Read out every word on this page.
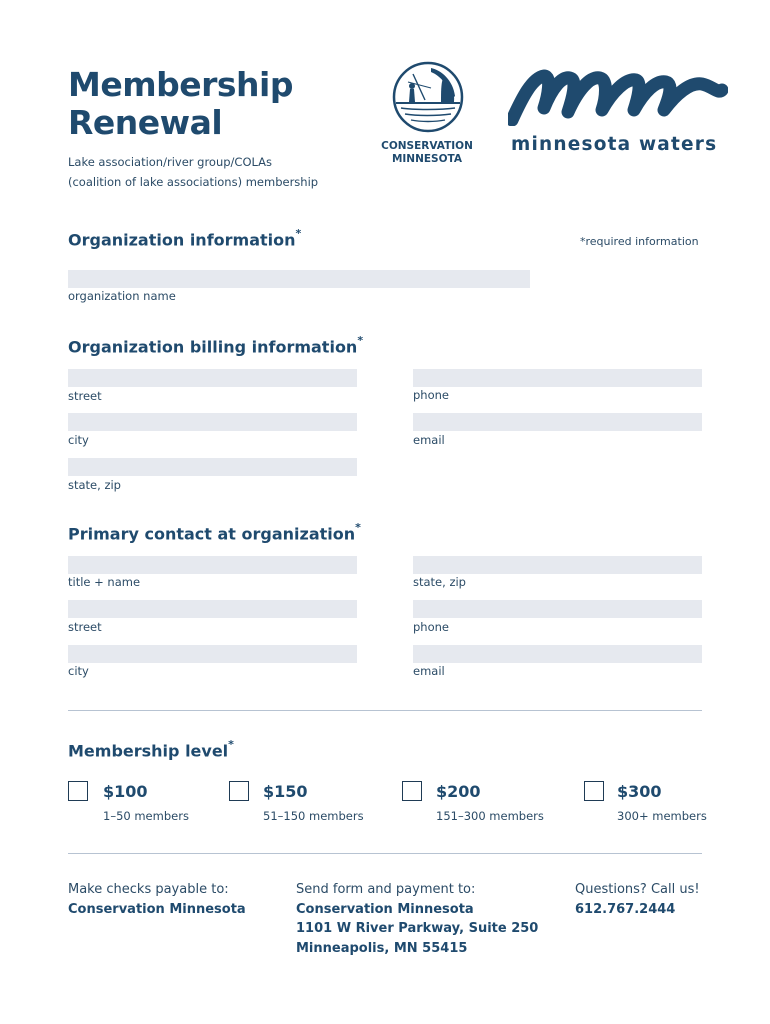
Membership
Renewal
Lake association/river group/COLAs
(coalition of lake associations) membership
CONSERVATION
MINNESOTA
minnesota waters
Organization information*
*required information
organization name
Organization billing information*
street
city
state, zip
phone
email
Primary contact at organization*
title + name
street
city
state, zip
phone
email
Membership level*
$100
1–50 members
$150
51–150 members
$200
151–300 members
$300
300+ members
Make checks payable to:
Conservation Minnesota
Send form and payment to:
Conservation Minnesota
1101 W River Parkway, Suite 250
Minneapolis, MN 55415
Questions? Call us!
612.767.2444
